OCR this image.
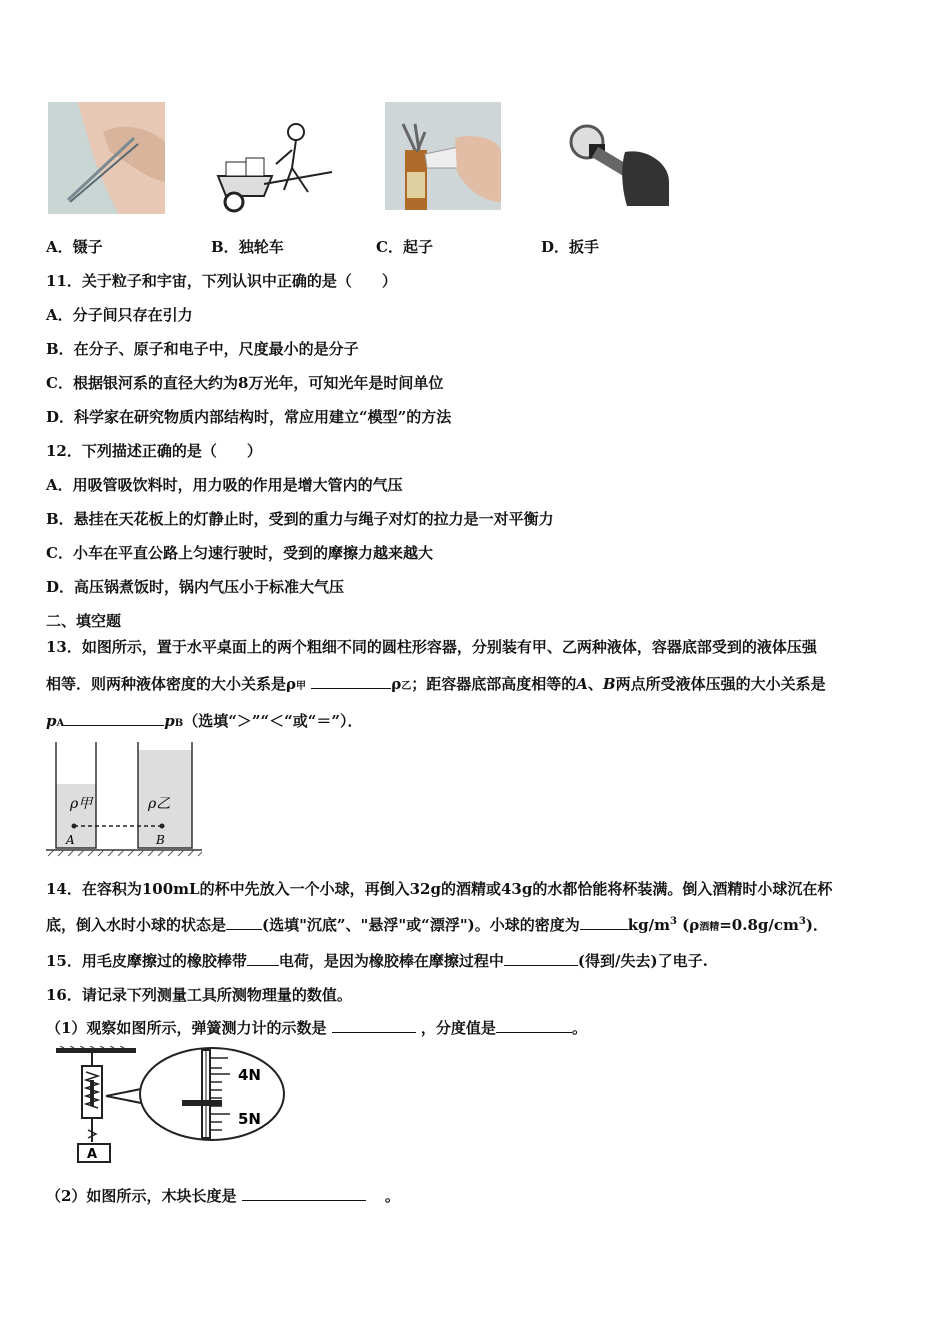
A．镊子	B．独轮车	C．起子	D．扳手
11．关于粒子和宇宙，下列认识中正确的是（　　）
A．分子间只存在引力
B．在分子、原子和电子中，尺度最小的是分子
C．根据银河系的直径大约为8万光年，可知光年是时间单位
D．科学家在研究物质内部结构时，常应用建立“模型”的方法
12．下列描述正确的是（　　）
A．用吸管吸饮料时，用力吸的作用是增大管内的气压
B．悬挂在天花板上的灯静止时，受到的重力与绳子对灯的拉力是一对平衡力
C．小车在平直公路上匀速行驶时，受到的摩擦力越来越大
D．高压锅煮饭时，锅内气压小于标准大气压
二、填空题
13．如图所示，置于水平桌面上的两个粗细不同的圆柱形容器，分别装有甲、乙两种液体，容器底部受到的液体压强
相等．则两种液体密度的大小关系是ρ甲	ρ乙；距容器底部高度相等的A、B两点所受液体压强的大小关系是
pA	pB（选填“＞”“＜“或“＝”）．
ρ甲	ρ乙
A	B
14．在容积为100mL的杯中先放入一个小球，再倒入32g的酒精或43g的水都恰能将杯装满。倒入酒精时小球沉在杯
底，倒入水时小球的状态是 (选填"沉底”、"悬浮"或“漂浮")。小球的密度为	$kg/m^3$ (ρ酒精$=0.8g/cm^3$)．
15．用毛皮摩擦过的橡胶棒带 电荷，是因为橡胶棒在摩擦过程中	(得到/失去)了电子.
16．请记录下列测量工具所测物理量的数值。
（1）观察如图所示，弹簧测力计的示数是	，分度值是	。
A
4N
5N
（2）如图所示，木块长度是	。
